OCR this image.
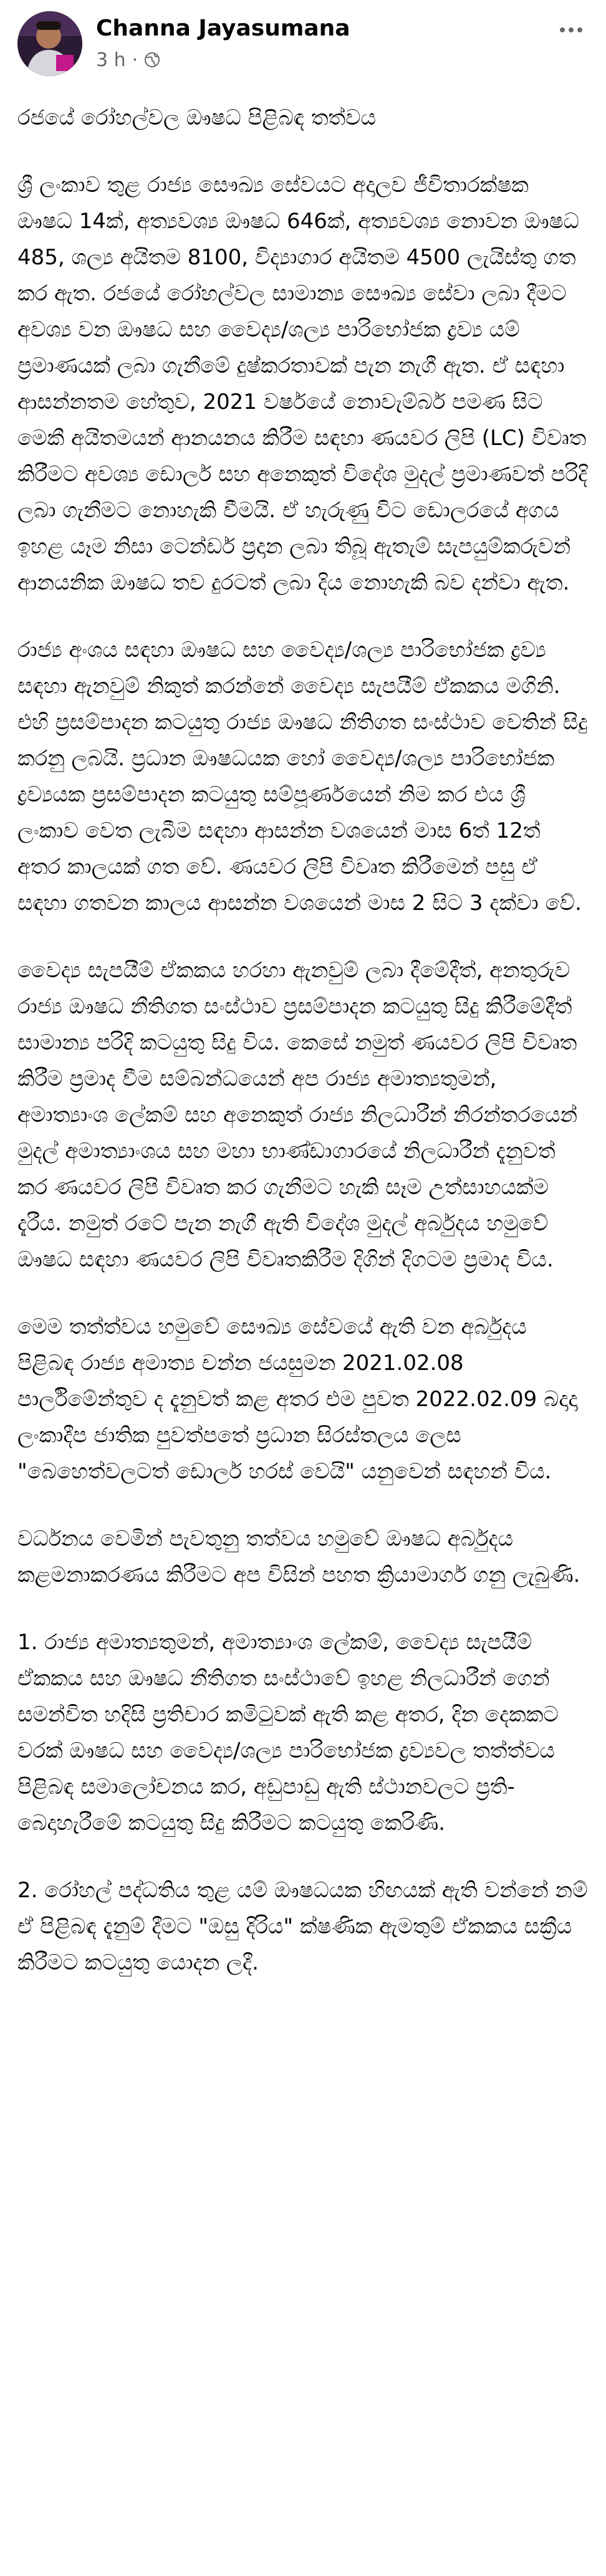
Channa Jayasumana
3 h ·

රජයේ රෝහල්වල ඖෂධ පිළිබඳ තත්වය

ශ්‍රී ලංකාව තුළ රාජ්‍ය සෞඛ්‍ය සේවයට අදාලව ජීවිතාරක්ෂක ඖෂධ 14ක්, අත්‍යවශ්‍ය ඖෂධ 646ක්, අත්‍යවශ්‍ය නොවන ඖෂධ 485, ශල්‍ය අයිතම 8100, විද්‍යාගාර අයිතම 4500 ලැයිස්තු ගත කර ඇත. රජයේ රෝහල්වල සාමාන්‍ය සෞඛ්‍ය සේවා ලබා දීමට අවශ්‍ය වන ඖෂධ සහ වෛද්‍ය/ශල්‍ය පාරිභෝජක ද්‍රව්‍ය යම් ප්‍රමාණයක් ලබා ගැනීමේ දුෂ්කරතාවක් පැන නැගී ඇත. ඒ සඳහා ආසන්නතම හේතුව, 2021 වර්ෂයේ නොවැම්බර් පමණ සිට මෙකී අයිතමයන් ආනයනය කිරීම සඳහා ණයවර ලිපි (LC) විවෘත කිරීමට අවශ්‍ය ඩොලර් සහ අනෙකුත් විදේශ මුදල් ප්‍රමාණවත් පරිදි ලබා ගැනීමට නොහැකි වීමයි. ඒ හැරුණු විට ඩොලරයේ අගය ඉහළ යෑම නිසා ටෙන්ඩර් ප්‍රදාන ලබා තිබූ ඇතැම් සැපයුම්කරුවන් ආනයනික ඖෂධ තව දුරටත් ලබා දිය නොහැකි බව දන්වා ඇත.

රාජ්‍ය අංශය සඳහා ඖෂධ සහ වෛද්‍ය/ශල්‍ය පාරිභෝජක ද්‍රව්‍ය සඳහා ඇනවුම් නිකුත් කරන්නේ වෛද්‍ය සැපයීම් ඒකකය මගිනි. එහි ප්‍රසම්පාදන කටයුතු රාජ්‍ය ඖෂධ නීතිගත සංස්ථාව වෙතින් සිදු කරනු ලබයි. ප්‍රධාන ඖෂධයක හෝ වෛද්‍ය/ශල්‍ය පාරිභෝජක ද්‍රව්‍යයක ප්‍රසම්පාදන කටයුතු සම්පූර්ණයෙන් නිම කර එය ශ්‍රී ලංකාව වෙත ලැබීම සඳහා ආසන්න වශයෙන් මාස 6ත් 12ත් අතර කාලයක් ගත වේ. ණයවර ලිපි විවෘත කිරීමෙන් පසු ඒ සඳහා ගතවන කාලය ආසන්න වශයෙන් මාස 2 සිට 3 දක්වා වේ.

වෛද්‍ය සැපයීම් ඒකකය හරහා ඇනවුම් ලබා දීමේදීත්, අනතුරුව රාජ්‍ය ඖෂධ නීතිගත සංස්ථාව ප්‍රසම්පාදන කටයුතු සිදු කිරීමේදීත් සාමාන්‍ය පරිදි කටයුතු සිදු විය. කෙසේ නමුත් ණයවර ලිපි විවෘත කිරීම ප්‍රමාද වීම සම්බන්ධයෙන් අප රාජ්‍ය අමාත්‍යතුමන්, අමාත්‍යාංශ ලේකම් සහ අනෙකුත් රාජ්‍ය නිලධාරීන් නිරන්තරයෙන් මුදල් අමාත්‍යාංශය සහ මහා භාණ්ඩාගාරයේ නිලධාරීන් දැනුවත් කර ණයවර ලිපි විවෘත කර ගැනීමට හැකි සෑම උත්සාහයක්ම දැරීය. නමුත් රටේ පැන නැගී ඇති විදේශ මුදල් අර්බුදය හමුවේ ඖෂධ සඳහා ණයවර ලිපි විවෘතකිරීම දිගින් දිගටම ප්‍රමාද විය.

මෙම තත්ත්වය හමුවේ සෞඛ්‍ය සේවයේ ඇති වන අර්බුදය පිළිබඳ රාජ්‍ය අමාත්‍ය චන්න ජයසුමන 2021.02.08 පාර්ලිමේන්තුව ද දැනුවත් කළ අතර එම පුවත 2022.02.09 බදාදා ලංකාදීප ජාතික පුවත්පතේ ප්‍රධාන සිරස්තලය ලෙස "බෙහෙත්වලටත් ඩොලර් හරස් වෙයි" යනුවෙන් සඳහන් විය.

වර්ධනය වෙමින් පැවතුනු තත්වය හමුවේ ඖෂධ අර්බුදය කළමනාකරණය කිරීමට අප විසින් පහත ක්‍රියාමාර්ග ගනු ලැබුණි.

1. රාජ්‍ය අමාත්‍යතුමන්, අමාත්‍යාංශ ලේකම්, වෛද්‍ය සැපයීම් ඒකකය සහ ඖෂධ නීතිගත සංස්ථාවේ ඉහළ නිලධාරීන් ගෙන් සමන්විත හදිසි ප්‍රතිචාර කමිටුවක් ඇති කළ අතර, දින දෙකකට වරක් ඖෂධ සහ වෛද්‍ය/ශල්‍ය පාරිභෝජක ද්‍රව්‍යවල තත්ත්වය පිළිබඳ සමාලෝචනය කර, අඩුපාඩු ඇති ස්ථානවලට ප්‍රති-බෙදාහැරීමේ කටයුතු සිදු කිරීමට කටයුතු කෙරිණි.

2. රෝහල් පද්ධතිය තුළ යම් ඖෂධයක හිඟයක් ඇති වන්නේ නම් ඒ පිළිබඳ දැනුම් දීමට "ඔසු දිරිය" ක්ෂණික ඇමතුම් ඒකකය සක්‍රීය කිරීමට කටයුතු යොදන ලදී.
